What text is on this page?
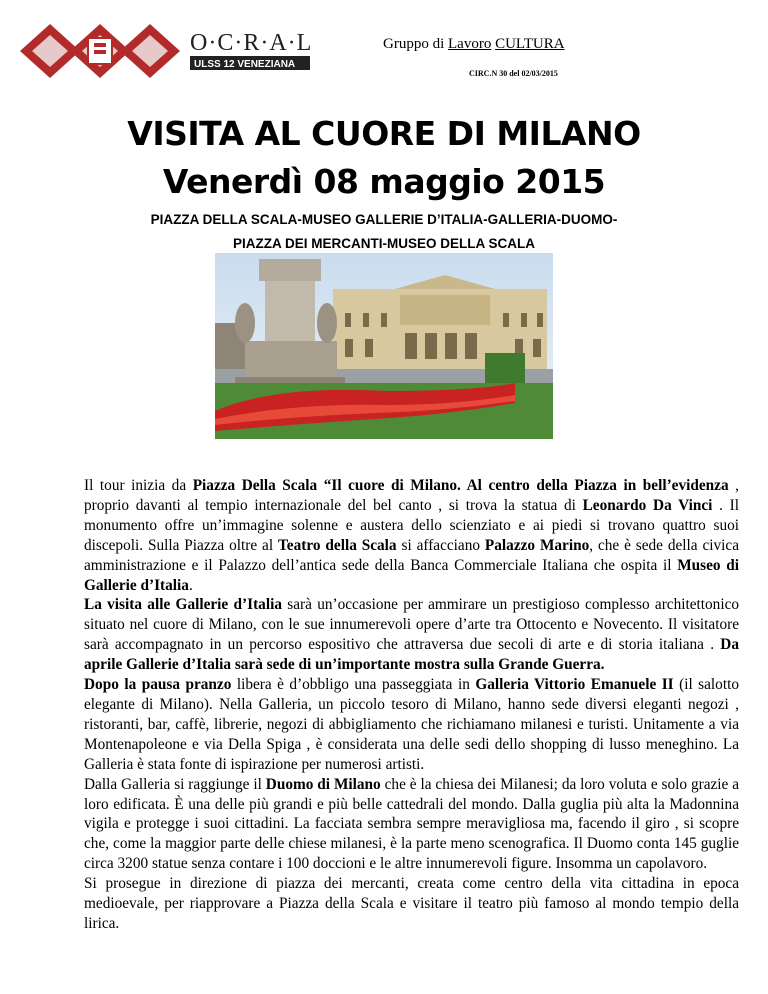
O·C·R·A·L
ULSS 12 VENEZIANA
Gruppo di Lavoro CULTURA
CIRC.N 30 del 02/03/2015
VISITA AL CUORE DI MILANO
Venerdì 08 maggio 2015
PIAZZA DELLA SCALA-MUSEO GALLERIE D’ITALIA-GALLERIA-DUOMO-
PIAZZA DEI MERCANTI-MUSEO DELLA SCALA

Il tour inizia da Piazza Della Scala “Il cuore di Milano. Al centro della Piazza in bell’evidenza , proprio davanti al tempio internazionale del bel canto , si trova la statua di Leonardo Da Vinci . Il monumento offre un’immagine solenne e austera dello scienziato e ai piedi si trovano quattro suoi discepoli. Sulla Piazza oltre al Teatro della Scala si affacciano Palazzo Marino, che è sede della civica amministrazione e il Palazzo dell’antica sede della Banca Commerciale Italiana che ospita il Museo di Gallerie d’Italia.

La visita alle Gallerie d’Italia sarà un’occasione per ammirare un prestigioso complesso architettonico situato nel cuore di Milano, con le sue innumerevoli opere d’arte tra Ottocento e Novecento. Il visitatore sarà accompagnato in un percorso espositivo che attraversa due secoli di arte e di storia italiana . Da aprile Gallerie d’Italia sarà sede di un’importante mostra sulla Grande Guerra.

Dopo la pausa pranzo libera è d’obbligo una passeggiata in Galleria Vittorio Emanuele II (il salotto elegante di Milano). Nella Galleria, un piccolo tesoro di Milano, hanno sede diversi eleganti negozi , ristoranti, bar, caffè, librerie, negozi di abbigliamento che richiamano milanesi e turisti. Unitamente a via Montenapoleone e via Della Spiga , è considerata una delle sedi dello shopping di lusso meneghino. La Galleria è stata fonte di ispirazione per numerosi artisti.

Dalla Galleria si raggiunge il Duomo di Milano che è la chiesa dei Milanesi; da loro voluta e solo grazie a loro edificata. È una delle più grandi e più belle cattedrali del mondo. Dalla guglia più alta la Madonnina vigila e protegge i suoi cittadini. La facciata sembra sempre meravigliosa ma, facendo il giro , si scopre che, come la maggior parte delle chiese milanesi, è la parte meno scenografica. Il Duomo conta 145 guglie circa 3200 statue senza contare i 100 doccioni e le altre innumerevoli figure. Insomma un capolavoro.

Si prosegue in direzione di piazza dei mercanti, creata come centro della vita cittadina in epoca medioevale, per riapprovare a Piazza della Scala e visitare il teatro più famoso al mondo tempio della lirica.
